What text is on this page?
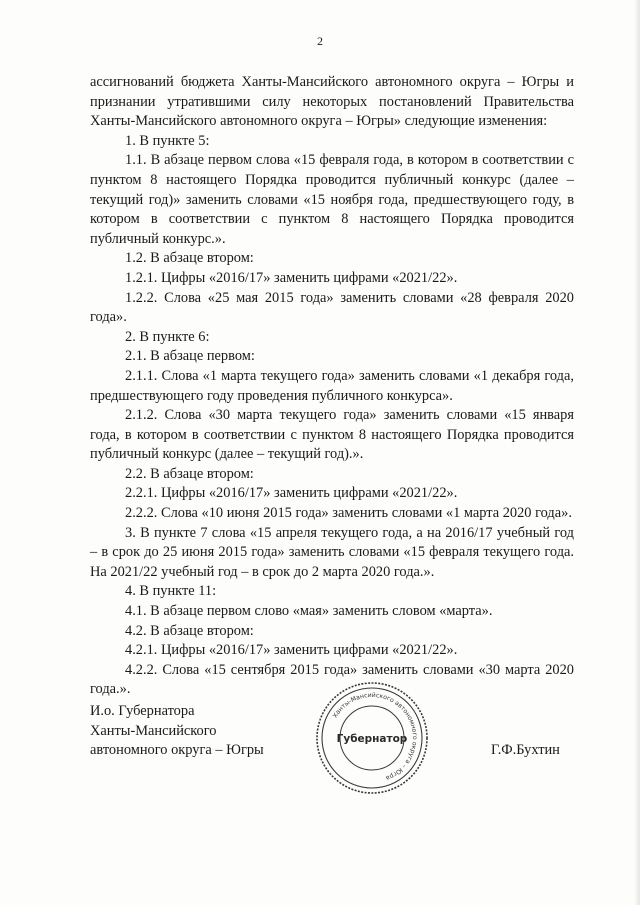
2

ассигнований бюджета Ханты-Мансийского автономного округа – Югры и признании утратившими силу некоторых постановлений Правительства Ханты-Мансийского автономного округа – Югры» следующие изменения:

1. В пункте 5:

1.1. В абзаце первом слова «15 февраля года, в котором в соответствии с пунктом 8 настоящего Порядка проводится публичный конкурс (далее – текущий год)» заменить словами «15 ноября года, предшествующего году, в котором в соответствии с пунктом 8 настоящего Порядка проводится публичный конкурс.».

1.2. В абзаце втором:

1.2.1. Цифры «2016/17» заменить цифрами «2021/22».

1.2.2. Слова «25 мая 2015 года» заменить словами «28 февраля 2020 года».

2. В пункте 6:

2.1. В абзаце первом:

2.1.1. Слова «1 марта текущего года» заменить словами «1 декабря года, предшествующего году проведения публичного конкурса».

2.1.2. Слова «30 марта текущего года» заменить словами «15 января года, в котором в соответствии с пунктом 8 настоящего Порядка проводится публичный конкурс (далее – текущий год).».

2.2. В абзаце втором:

2.2.1. Цифры «2016/17» заменить цифрами «2021/22».

2.2.2. Слова «10 июня 2015 года» заменить словами «1 марта 2020 года».

3. В пункте 7 слова «15 апреля текущего года, а на 2016/17 учебный год – в срок до 25 июня 2015 года» заменить словами «15 февраля текущего года. На 2021/22 учебный год – в срок до 2 марта 2020 года.».

4. В пункте 11:

4.1. В абзаце первом слово «мая» заменить словом «марта».

4.2. В абзаце втором:

4.2.1. Цифры «2016/17» заменить цифрами «2021/22».

4.2.2. Слова «15 сентября 2015 года» заменить словами «30 марта 2020 года.».

И.о. Губернатора
Ханты-Мансийского
автономного округа – Югры
Ханты-Мансийского автономного округа – Югра
Губернатор
Г.Ф.Бухтин
